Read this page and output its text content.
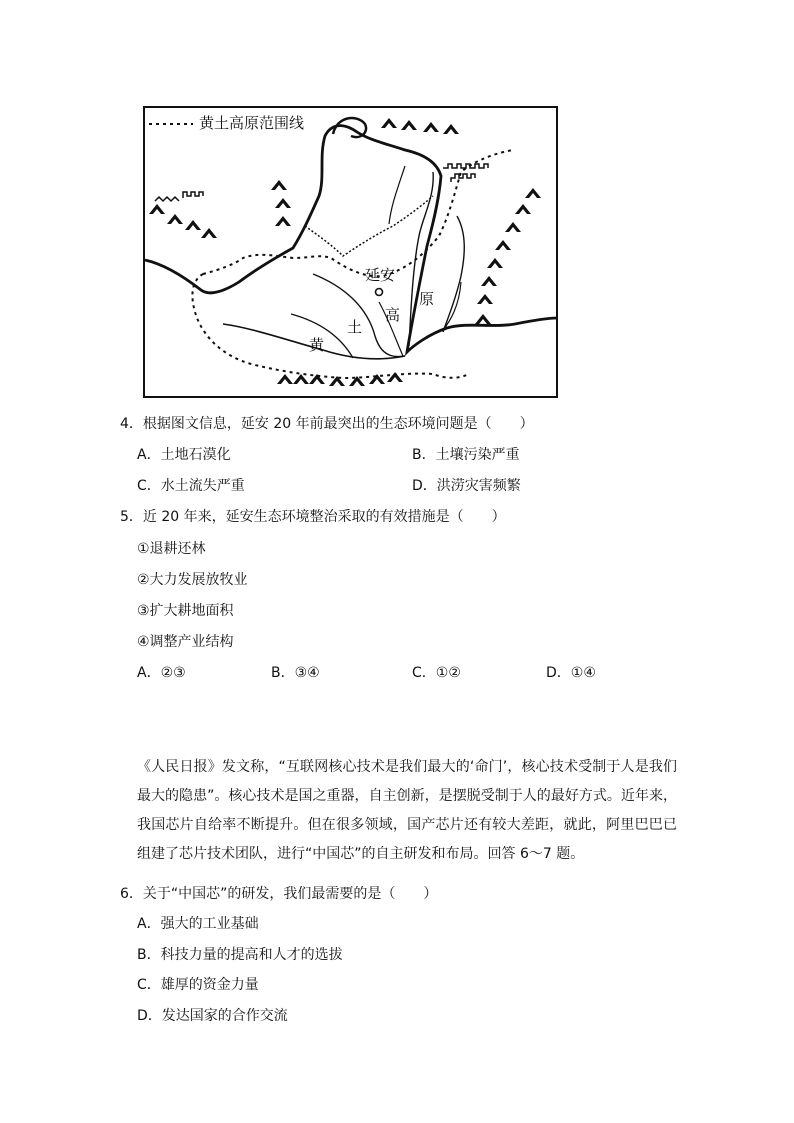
黄土高原范围线
延安
黄
土
高
原
4．根据图文信息，延安 20 年前最突出的生态环境问题是（　　）
A．土地石漠化	B．土壤污染严重
C．水土流失严重	D．洪涝灾害频繁
5．近 20 年来，延安生态环境整治采取的有效措施是（　　）
①退耕还林
②大力发展放牧业
③扩大耕地面积
④调整产业结构
A．②③	B．③④	C．①②	D．①④
《人民日报》发文称，“互联网核心技术是我们最大的‘命门’，核心技术受制于人是我们最大的隐患”。核心技术是国之重器，自主创新，是摆脱受制于人的最好方式。近年来，我国芯片自给率不断提升。但在很多领域，国产芯片还有较大差距，就此，阿里巴巴已组建了芯片技术团队，进行“中国芯”的自主研发和布局。回答 6～7 题。
6．关于“中国芯”的研发，我们最需要的是（　　）
A．强大的工业基础
B．科技力量的提高和人才的选拔
C．雄厚的资金力量
D．发达国家的合作交流
